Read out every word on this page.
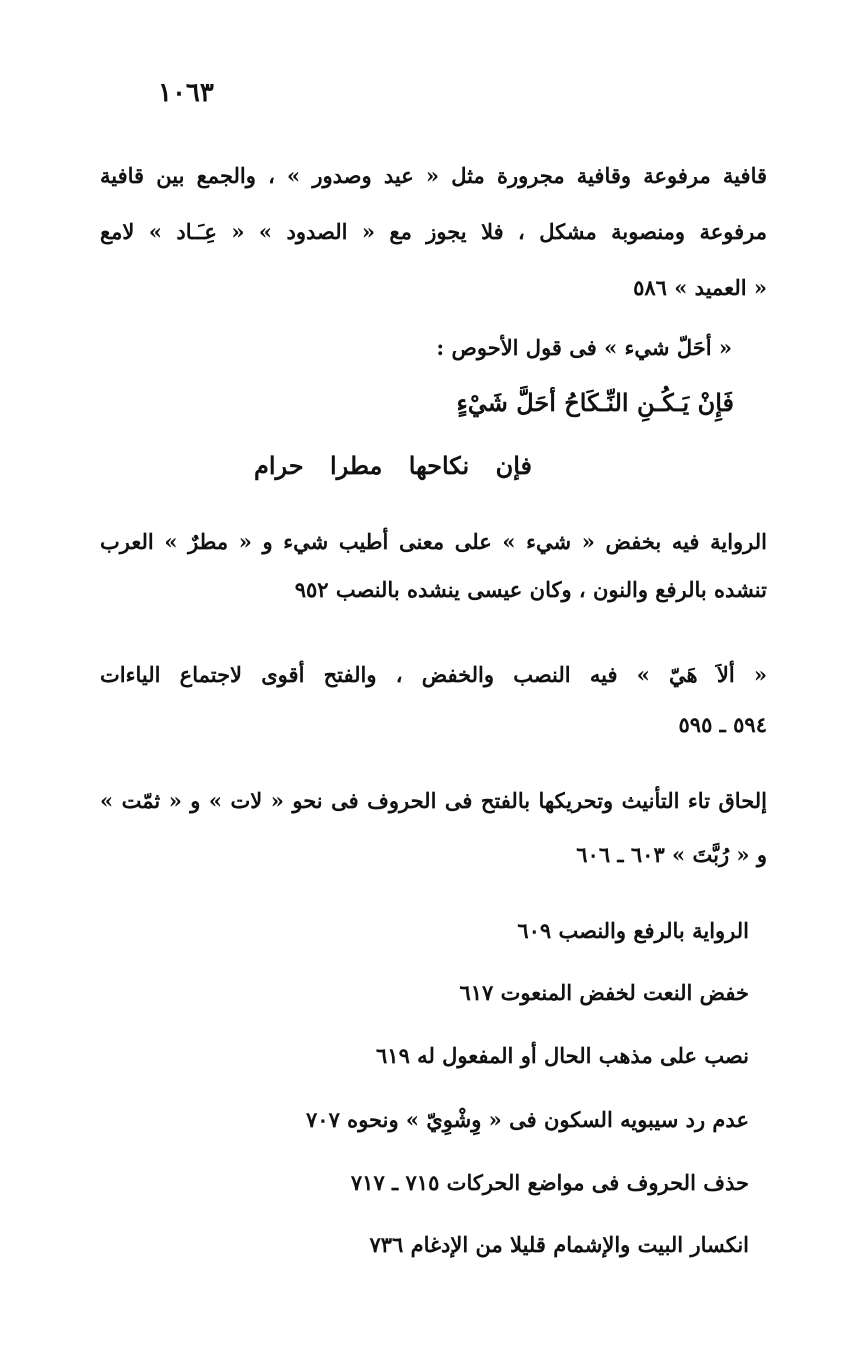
١٠٦٣
قافية مرفوعة وقافية مجرورة مثل « عيد وصدور » ، والجمع بين قافية
مرفوعة ومنصوبة مشكل ، فلا يجوز مع « الصدود » « عِـَـاد » لامع
« العميد » ٥٨٦
« أحَلّ شيء » فى قول الأحوص :
فَإِنْ يَـكُـنِ النِّـكَاحُ أحَلَّ شَيْءٍ
فإن نكاحها مطرا حرام
الرواية فيه بخفض « شيء » على معنى أطيب شيء و « مطرٌ » العرب
تنشده بالرفع والنون ، وكان عيسى ينشده بالنصب ٩٥٢
« ألاَ هَيّ » فيه النصب والخفض ، والفتح أقوى لاجتماع الياءات
٥٩٤ ـ ٥٩٥
إلحاق تاء التأنيث وتحريكها بالفتح فى الحروف فى نحو « لات » و « ثمّت »
و « رُبَّتَ » ٦٠٣ ـ ٦٠٦
الرواية بالرفع والنصب ٦٠٩
خفض النعت لخفض المنعوت ٦١٧
نصب على مذهب الحال أو المفعول له ٦١٩
عدم رد سيبويه السكون فى « وِشْوِيّ » ونحوه ٧٠٧
حذف الحروف فى مواضع الحركات ٧١٥ ـ ٧١٧
انكسار البيت والإشمام قليلا من الإدغام ٧٣٦
